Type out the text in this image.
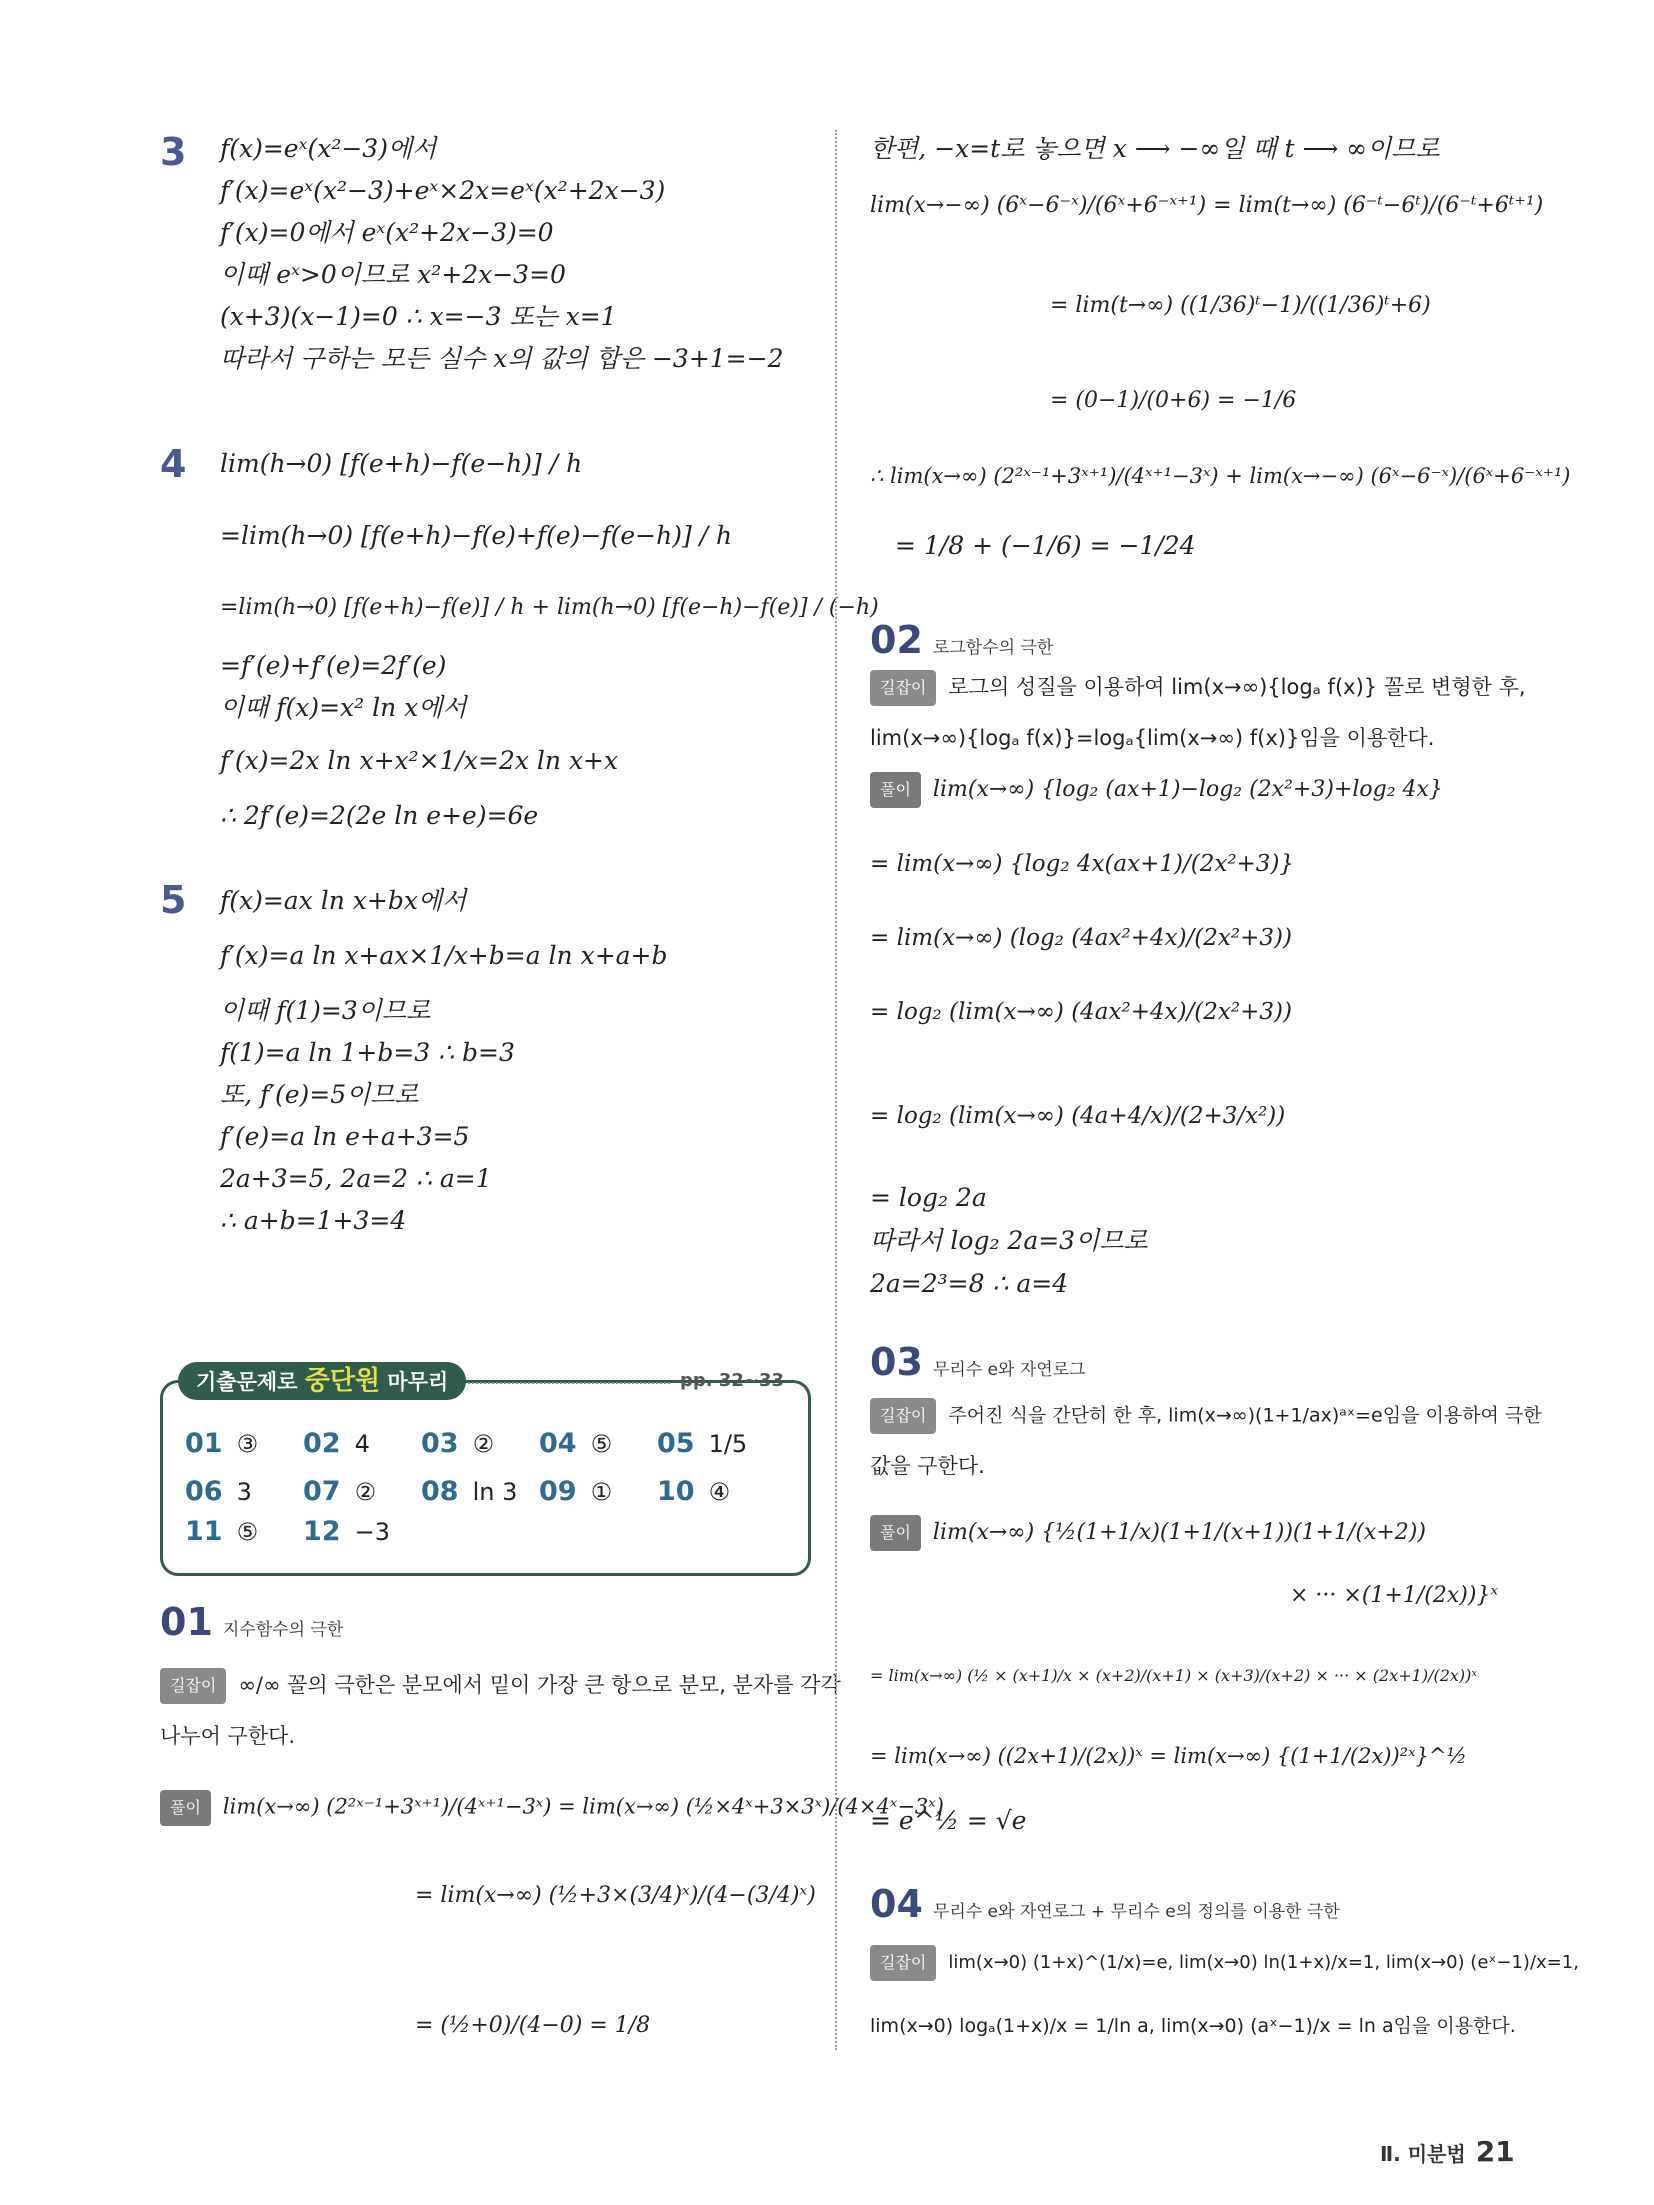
3 f(x)=eˣ(x²−3)에서
f′(x)=eˣ(x²−3)+eˣ×2x=eˣ(x²+2x−3)
f′(x)=0에서 eˣ(x²+2x−3)=0
이때 eˣ>0이므로 x²+2x−3=0
(x+3)(x−1)=0 ∴ x=−3 또는 x=1
따라서 구하는 모든 실수 x의 값의 합은 −3+1=−2
4 lim(h→0) [f(e+h)−f(e−h)] / h
=lim(h→0) [f(e+h)−f(e)+f(e)−f(e−h)] / h
=lim(h→0) [f(e+h)−f(e)] / h + lim(h→0) [f(e−h)−f(e)] / (−h)
=f′(e)+f′(e)=2f′(e)
이때 f(x)=x² ln x에서
f′(x)=2x ln x+x²×1/x=2x ln x+x
∴ 2f′(e)=2(2e ln e+e)=6e
5 f(x)=ax ln x+bx에서
f′(x)=a ln x+ax×1/x+b=a ln x+a+b
이때 f(1)=3이므로
f(1)=a ln 1+b=3 ∴ b=3
또, f′(e)=5이므로
f′(e)=a ln e+a+3=5
2a+3=5, 2a=2 ∴ a=1
∴ a+b=1+3=4
기출문제로 중단원 마무리	pp. 32~33
01 ③ 02 4 03 ② 04 ⑤ 05 1/5
06 3 07 ② 08 ln 3 09 ① 10 ④
11 ⑤ 12 −3
01 지수함수의 극한
길잡이 ∞/∞ 꼴의 극한은 분모에서 밑이 가장 큰 항으로 분모, 분자를 각각
나누어 구한다.
풀이 lim(x→∞) (2²ˣ⁻¹+3ˣ⁺¹)/(4ˣ⁺¹−3ˣ) = lim(x→∞) (½×4ˣ+3×3ˣ)/(4×4ˣ−3ˣ)
= lim(x→∞) (½+3×(3/4)ˣ)/(4−(3/4)ˣ)
= (½+0)/(4−0) = 1/8
한편, −x=t로 놓으면 x ⟶ −∞일 때 t ⟶ ∞이므로
lim(x→−∞) (6ˣ−6⁻ˣ)/(6ˣ+6⁻ˣ⁺¹) = lim(t→∞) (6⁻ᵗ−6ᵗ)/(6⁻ᵗ+6ᵗ⁺¹)
= lim(t→∞) ((1/36)ᵗ−1)/((1/36)ᵗ+6)
= (0−1)/(0+6) = −1/6
∴ lim(x→∞) (2²ˣ⁻¹+3ˣ⁺¹)/(4ˣ⁺¹−3ˣ) + lim(x→−∞) (6ˣ−6⁻ˣ)/(6ˣ+6⁻ˣ⁺¹)
= 1/8 + (−1/6) = −1/24
02 로그함수의 극한
길잡이 로그의 성질을 이용하여 lim(x→∞){logₐ f(x)} 꼴로 변형한 후,
lim(x→∞){logₐ f(x)}=logₐ{lim(x→∞) f(x)}임을 이용한다.
풀이 lim(x→∞) {log₂ (ax+1)−log₂ (2x²+3)+log₂ 4x}
= lim(x→∞) {log₂ 4x(ax+1)/(2x²+3)}
= lim(x→∞) (log₂ (4ax²+4x)/(2x²+3))
= log₂ (lim(x→∞) (4ax²+4x)/(2x²+3))
= log₂ (lim(x→∞) (4a+4/x)/(2+3/x²))
= log₂ 2a
따라서 log₂ 2a=3이므로
2a=2³=8 ∴ a=4
03 무리수 e와 자연로그
길잡이 주어진 식을 간단히 한 후, lim(x→∞)(1+1/ax)ᵃˣ=e임을 이용하여 극한
값을 구한다.
풀이 lim(x→∞) {½(1+1/x)(1+1/(x+1))(1+1/(x+2))
× ··· ×(1+1/(2x))}ˣ
= lim(x→∞) (½ × (x+1)/x × (x+2)/(x+1) × (x+3)/(x+2) × ··· × (2x+1)/(2x))ˣ
= lim(x→∞) ((2x+1)/(2x))ˣ = lim(x→∞) {(1+1/(2x))²ˣ}^½
= e^½ = √e
04 무리수 e와 자연로그 + 무리수 e의 정의를 이용한 극한
길잡이 lim(x→0) (1+x)^(1/x)=e, lim(x→0) ln(1+x)/x=1, lim(x→0) (eˣ−1)/x=1,
lim(x→0) logₐ(1+x)/x = 1/ln a, lim(x→0) (aˣ−1)/x = ln a임을 이용한다.
Ⅱ. 미분법 21
